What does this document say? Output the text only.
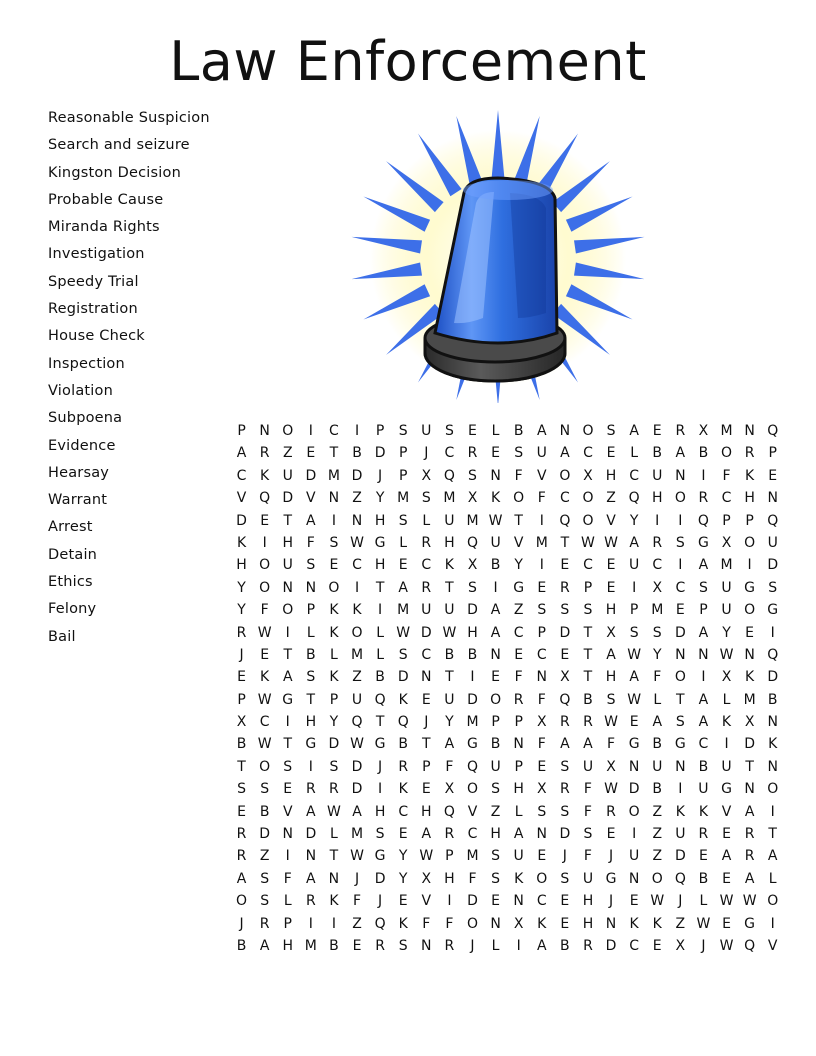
Law Enforcement
Reasonable Suspicion
Search and seizure
Kingston Decision
Probable Cause
Miranda Rights
Investigation
Speedy Trial
Registration
House Check
Inspection
Violation
Subpoena
Evidence
Hearsay
Warrant
Arrest
Detain
Ethics
Felony
Bail
P N O I C I P S U S E L B A N O S A E R X M N Q
A R Z E T B D P J C R E S U A C E L B A B O R P
C K U D M D J P X Q S N F V O X H C U N I F K E
V Q D V N Z Y M S M X K O F C O Z Q H O R C H N
D E T A I N H S L U M W T I Q O V Y I I Q P P Q
K I H F S W G L R H Q U V M T W W A R S G X O U
H O U S E C H E C K X B Y I E C E U C I A M I D
Y O N N O I T A R T S I G E R P E I X C S U G S
Y F O P K K I M U U D A Z S S S H P M E P U O G
R W I L K O L W D W H A C P D T X S S D A Y E I
J E T B L M L S C B B N E C E T A W Y N N W N Q
E K A S K Z B D N T I E F N X T H A F O I X K D
P W G T P U Q K E U D O R F Q B S W L T A L M B
X C I H Y Q T Q J Y M P P X R R W E A S A K X N
B W T G D W G B T A G B N F A A F G B G C I D K
T O S I S D J R P F Q U P E S U X N U N B U T N
S S E R R D I K E X O S H X R F W D B I U G N O
E B V A W A H C H Q V Z L S S F R O Z K K V A I
R D N D L M S E A R C H A N D S E I Z U R E R T
R Z I N T W G Y W P M S U E J F J U Z D E A R A
A S F A N J D Y X H F S K O S U G N O Q B E A L
O S L R K F J E V I D E N C E H J E W J L W W O
J R P I I Z Q K F F O N X K E H N K K Z W E G I
B A H M B E R S N R J L I A B R D C E X J W Q V
